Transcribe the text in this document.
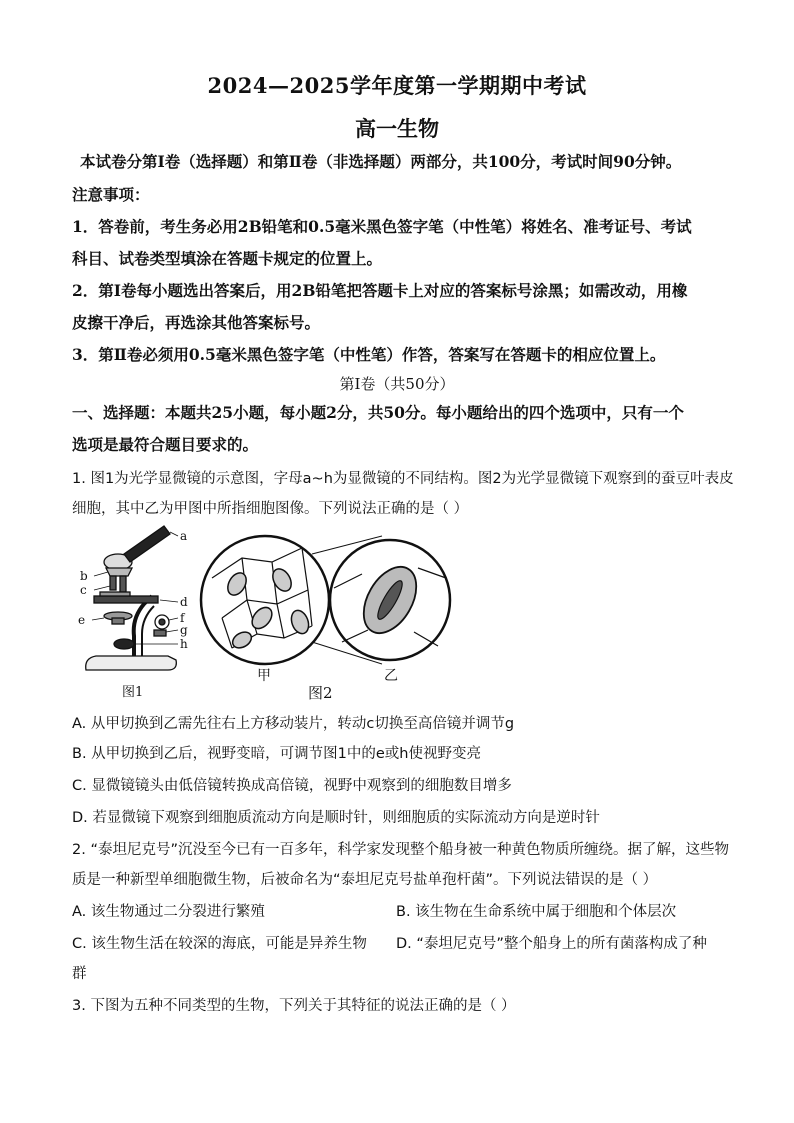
2024—2025学年度第一学期期中考试
高一生物
本试卷分第Ⅰ卷（选择题）和第Ⅱ卷（非选择题）两部分，共100分，考试时间90分钟。
注意事项：
1．答卷前，考生务必用2B铅笔和0.5毫米黑色签字笔（中性笔）将姓名、准考证号、考试
科目、试卷类型填涂在答题卡规定的位置上。
2．第Ⅰ卷每小题选出答案后，用2B铅笔把答题卡上对应的答案标号涂黑；如需改动，用橡
皮擦干净后，再选涂其他答案标号。
3．第Ⅱ卷必须用0.5毫米黑色签字笔（中性笔）作答，答案写在答题卡的相应位置上。
第Ⅰ卷（共50分）
一、选择题：本题共25小题，每小题2分，共50分。每小题给出的四个选项中，只有一个
选项是最符合题目要求的。
1. 图1为光学显微镜的示意图，字母a~h为显微镜的不同结构。图2为光学显微镜下观察到的蚕豆叶表皮
细胞，其中乙为甲图中所指细胞图像。下列说法正确的是（ ）
a
b
c
d
e	f
g
h
图1
甲	乙
图2
A. 从甲切换到乙需先往右上方移动装片，转动c切换至高倍镜并调节g
B. 从甲切换到乙后，视野变暗，可调节图1中的e或h使视野变亮
C. 显微镜镜头由低倍镜转换成高倍镜，视野中观察到的细胞数目增多
D. 若显微镜下观察到细胞质流动方向是顺时针，则细胞质的实际流动方向是逆时针
2. “泰坦尼克号”沉没至今已有一百多年，科学家发现整个船身被一种黄色物质所缠绕。据了解，这些物
质是一种新型单细胞微生物，后被命名为“泰坦尼克号盐单孢杆菌”。下列说法错误的是（ ）
A. 该生物通过二分裂进行繁殖	B. 该生物在生命系统中属于细胞和个体层次
C. 该生物生活在较深的海底，可能是异养生物	D. “泰坦尼克号”整个船身上的所有菌落构成了种
群
3. 下图为五种不同类型的生物，下列关于其特征的说法正确的是（ ）
